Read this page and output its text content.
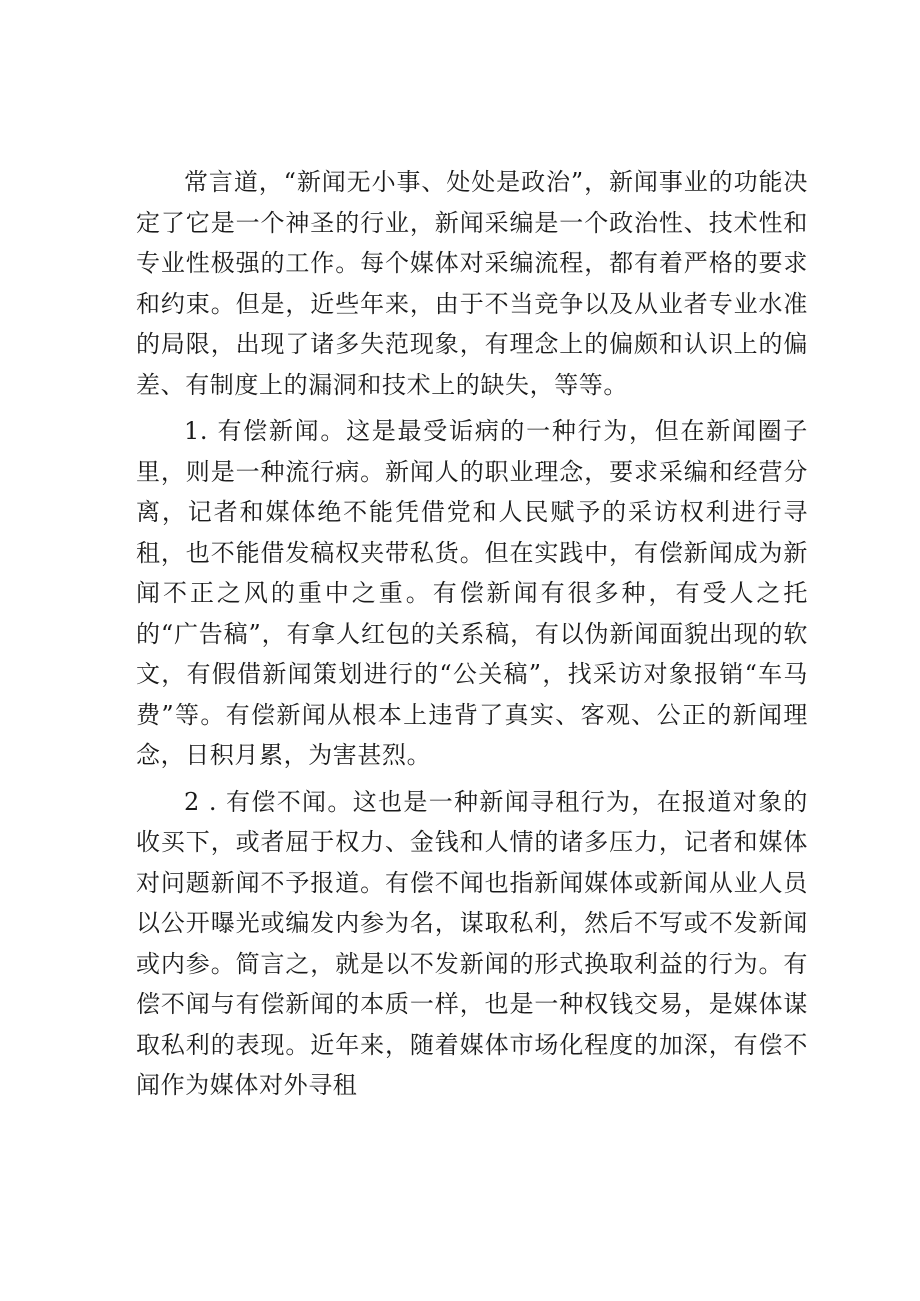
常言道，“新闻无小事、处处是政治”，新闻事业的功能决定了它是一个神圣的行业，新闻采编是一个政治性、技术性和专业性极强的工作。每个媒体对采编流程，都有着严格的要求和约束。但是，近些年来，由于不当竞争以及从业者专业水准的局限，出现了诸多失范现象，有理念上的偏颇和认识上的偏差、有制度上的漏洞和技术上的缺失，等等。

1. 有偿新闻。这是最受诟病的一种行为，但在新闻圈子里，则是一种流行病。新闻人的职业理念，要求采编和经营分离，记者和媒体绝不能凭借党和人民赋予的采访权利进行寻租，也不能借发稿权夹带私货。但在实践中，有偿新闻成为新闻不正之风的重中之重。有偿新闻有很多种，有受人之托的“广告稿”，有拿人红包的关系稿，有以伪新闻面貌出现的软文，有假借新闻策划进行的“公关稿”，找采访对象报销“车马费”等。有偿新闻从根本上违背了真实、客观、公正的新闻理念，日积月累，为害甚烈。

2 . 有偿不闻。这也是一种新闻寻租行为，在报道对象的收买下，或者屈于权力、金钱和人情的诸多压力，记者和媒体对问题新闻不予报道。有偿不闻也指新闻媒体或新闻从业人员以公开曝光或编发内参为名，谋取私利，然后不写或不发新闻或内参。简言之，就是以不发新闻的形式换取利益的行为。有偿不闻与有偿新闻的本质一样，也是一种权钱交易，是媒体谋取私利的表现。近年来，随着媒体市场化程度的加深，有偿不闻作为媒体对外寻租
